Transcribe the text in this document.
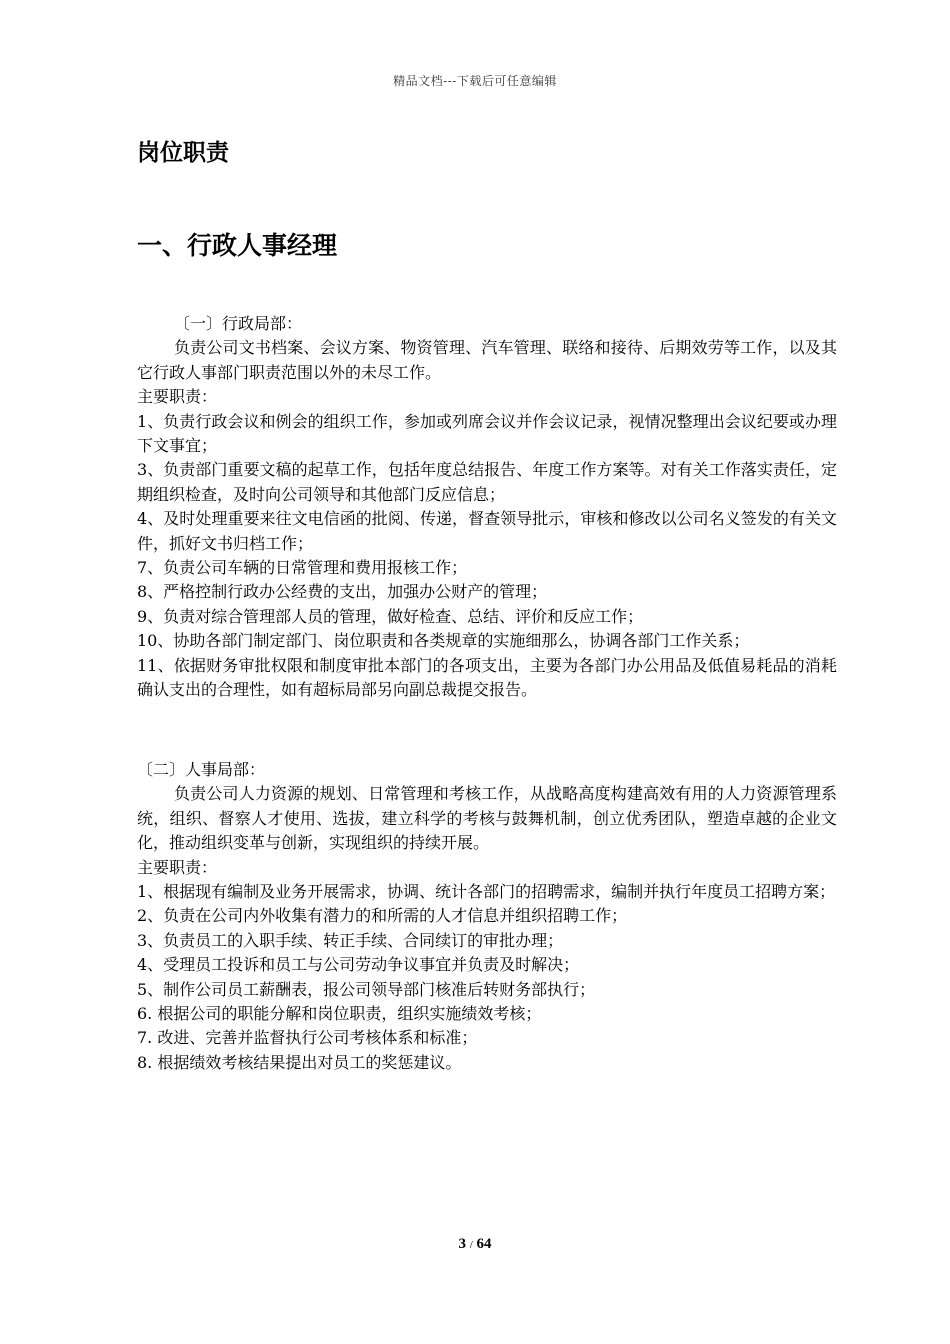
精品文档---下载后可任意编辑
岗位职责
一、行政人事经理

〔一〕行政局部：

负责公司文书档案、会议方案、物资管理、汽车管理、联络和接待、后期效劳等工作，以及其它行政人事部门职责范围以外的未尽工作。

主要职责：

1、负责行政会议和例会的组织工作，参加或列席会议并作会议记录，视情况整理出会议纪要或办理下文事宜；

3、负责部门重要文稿的起草工作，包括年度总结报告、年度工作方案等。对有关工作落实责任，定期组织检查，及时向公司领导和其他部门反应信息；

4、及时处理重要来往文电信函的批阅、传递，督查领导批示，审核和修改以公司名义签发的有关文件，抓好文书归档工作；

7、负责公司车辆的日常管理和费用报核工作；

8、严格控制行政办公经费的支出，加强办公财产的管理；

9、负责对综合管理部人员的管理，做好检查、总结、评价和反应工作；

10、协助各部门制定部门、岗位职责和各类规章的实施细那么，协调各部门工作关系；

11、依据财务审批权限和制度审批本部门的各项支出，主要为各部门办公用品及低值易耗品的消耗确认支出的合理性，如有超标局部另向副总裁提交报告。

〔二〕人事局部：

负责公司人力资源的规划、日常管理和考核工作，从战略高度构建高效有用的人力资源管理系统，组织、督察人才使用、选拔，建立科学的考核与鼓舞机制，创立优秀团队，塑造卓越的企业文化，推动组织变革与创新，实现组织的持续开展。

主要职责：

1、根据现有编制及业务开展需求，协调、统计各部门的招聘需求，编制并执行年度员工招聘方案；

2、负责在公司内外收集有潜力的和所需的人才信息并组织招聘工作；

3、负责员工的入职手续、转正手续、合同续订的审批办理；

4、受理员工投诉和员工与公司劳动争议事宜并负责及时解决；

5、制作公司员工薪酬表，报公司领导部门核准后转财务部执行；

6. 根据公司的职能分解和岗位职责，组织实施绩效考核；

7. 改进、完善并监督执行公司考核体系和标准；

8. 根据绩效考核结果提出对员工的奖惩建议。

3 / 64
